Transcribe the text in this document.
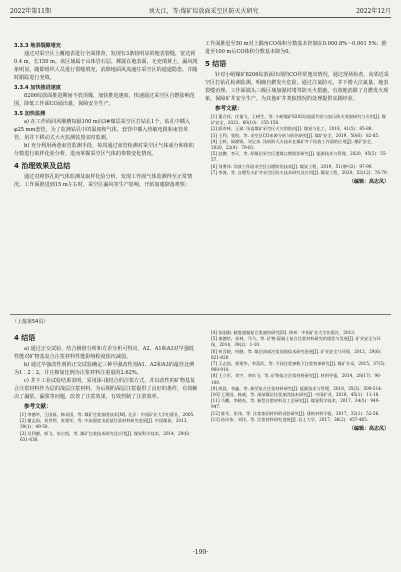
2022年第11期	刘大江，等:煤矿综放面采空区防灭火研究	2022年12月

3.3.3 地表裂隙堵充

通过对采空区上覆地表进行全面排查，发现有3条较明显的地表裂缝，宽达到0.4 m，长150 m。该区域属于山体岩石层，裸露在地表面，无充填黄土，漏风现象明显。随即组织人员进行裂缝填充，消除地面风流通往采空区的通道隐患，并随时跟踪进行充填。

3.3.4 加快推进速度

8206综放面推进期间不放顶煤，加快推进速度，快速通过采空区自燃影响范围，降低工作面CO涌出量，保障安全生产。

3.5 加快监测

a) 在工作面回风顺槽每隔100 m向3#煤层采空区打钻孔1个，钻孔中插入φ25 mm套管，为了监测钻孔中的温度和气体，套管中插入热敏电阻和束管单管，用并下移动式大火监测装置实时监测。

b) 充分利用两巷束管监测手段，每周通过束管检测对采空区气体成分和体积分数进行取样化验分析，进而掌握采空区气体的参数变化情况。

4 治理效果及总结

通过对观察孔的气体监测及取样化验分析，发现工作面气体监测得至正常情况。工作面推进到15 m左右时，采空区漏风等生产影响，开始加速降落观察；

工作面推进至50 m对上隅角CO体积分数基本控制在0.000 8%～0.001 5%；推进至100 m后CO体积分数基本降为0。

5 结语

针对小峪煤矿8206综放面出现的CO异常逸出情况，通过现场检查、向邻近采空区打钻孔检测监测，明确自燃发火危险。通过注氮防灭、井下增大注氮量、地表裂缝治理、工作面端头三级区域加强封堵等防灭火措施，有效地消除了自燃发火现象，保障矿井安全生产，为其他矿井类似情况的处理提供实践经验。

参考文献：

[1] 董合祥，任福飞，王树生，等. 小峪煤矿8202综放面均治与加压防火效果研究与应用[J]. 煤矿安全，2021，60(10)：155-156.

[2] 邸奇林，王斌. 浅谈煤矿采空区火灾的防治[J]. 煤炭与化工，2018，41(5)：85-88.

[3] 王利，张锐，等. 采空区CO来源分析与防治研究[J]. 煤矿安全，2019，50(6)：82-85.

[4] 王辉，候晓锋，刘宝来. 浅析防灭火技术在煤矿井下综放工作面的应用[J]. 煤矿安全，2020，22(4)：79-81.

[5] 赵鹏，李天，等. 厚煤层采空区遗煤自燃防治研究[J]. 能源技术与管理，2020，45(5)：55-57.

[6] 刘勇伟. 综放工作面采空区自燃防治技术[J]. 煤炭工程，2019，51(增刊2)：97-99.

[7] 李海，等. 自燃发火矿井采空区防火技术研究及应用[J]. 煤炭工程，2020，52(12)：76-79.

（编辑：高志凤）
（上接第54页）
4 结语

a) 通过正交试验，结合极值分析和方差分析可得出，A2、A1和A3对早强低性能对矿物基复合注浆材料性能影响程度依次减弱。

b) 通过早强改性剂的正交试验确定三种早强改性剂A1、A2和A3的最佳比例为1∶2∶2，并且掺加比例为注浆材料注重量的2.62%。

c) 井下工业试验结果表明，采用深-浅结合的注浆方式，并以改性的矿物基复合注浆材料作为层的浅层注浆材料，为后期的深层注浆提供了良好的条件，有效解决了漏浆、漏浆等问题，改善了注浆效果，有效控制了注浆效率。

参考文献：

[1] 李德华，王国福，韩采国，等. 煤矿注浆加固技术[M]. 北京：中国矿业大学出版社，2005.

[2] 谢志国，刘世利，张建军，等. 中高强度水泥基注浆材料研究进展[J]. 中国煤炭，2013，39(1)：49-50.

[3] 吴利德，郭飞，宋占凯，等. 煤矿注浆技术研究及应用[J]. 煤炭科学技术，2014，29(6)：631-636.

[4] 张刚刚. 黏度速凝复合浆液的研究[D]. 徐州：中国矿业大学出版社，2013.

[5] 秦德培，祁林，马乃，等. 矿物-混凝土复合注浆材料研究的现状与发展[J]. 矿业安全与环保，2014，39(2)：1-10.

[6] 何吾晓，何健，等. 煤层深部注浆加固技术研究进展[J]. 矿业安全与环保，2012，29(6)：821-820.

[7] 王志国，郭建华，李富武，等. 不同注浆参数下注浆效果研究[J]. 煤矿开采，2015，37(5)：900-910.

[8] 王立军，刘宇，李东飞，等. 矿物复合注浆材料研究[J]. 材料导报，2014，28(17)：96-100.

[9] 周晨，李鑫，等. 新型复合注浆材料研究[J]. 能源技术与管理，2018，35(3)：509-514.

[10] 王建国，杨威，等. 深部煤层注浆加固技术研究[J]. 中国矿业，2016，45(1)：11-18.

[11] 马鹏，李晓东，等. 新型注浆材料及工艺研究[J]. 煤炭科学技术，2017，34(5)：940-947.

[12] 陈军，张伟，等. 注浆加固材料的试验研究[J]. 建筑材料学报，2017，32(1)：52-56.

[13] 孙庆伟，刘洋，等. 注浆材料研究进展[J]. 岩土力学，2017，36(2)：457-465.

（编辑：高志凤）
·199·
